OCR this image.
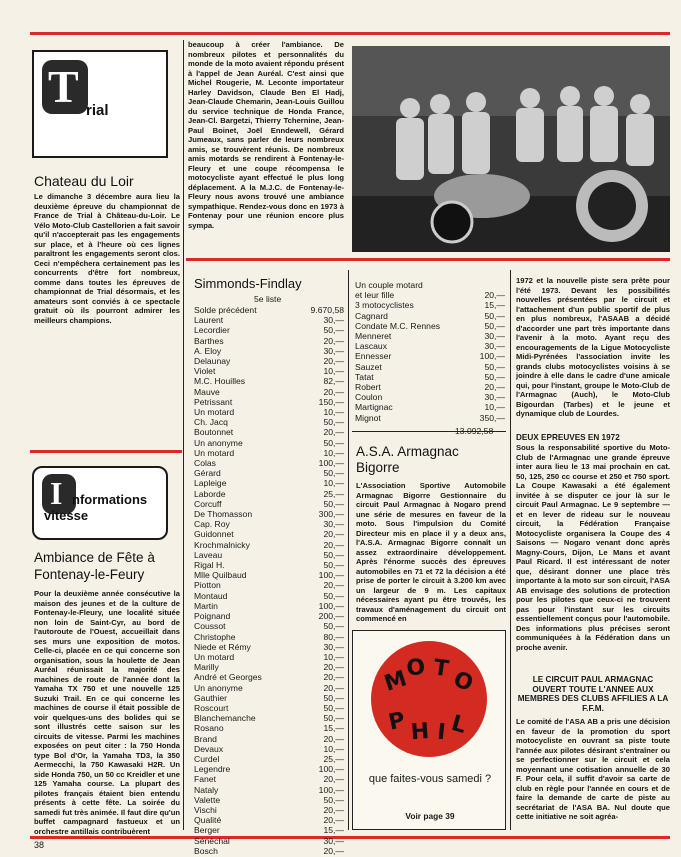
T rial
Chateau du Loir
Le dimanche 3 décembre aura lieu la deuxième épreuve du championnat de France de Trial à Château-du-Loir. Le Vélo Moto-Club Castellorien a fait savoir qu'il n'accepterait pas les engagements sur place, et à l'heure où ces lignes paraîtront les engagements seront clos. Ceci n'empêchera certainement pas les concurrents d'être fort nombreux, comme dans toutes les épreuves de championnat de Trial désormais, et les amateurs sont conviés à ce spectacle gratuit où ils pourront admirer les meilleurs champions.
I nformations
vitesse
Ambiance de Fête à
Fontenay-le-Feury
Pour la deuxième année consécutive la maison des jeunes et de la culture de Fontenay-le-Fleury, une localité située non loin de Saint-Cyr, au bord de l'autoroute de l'Ouest, accueillait dans ses murs une exposition de motos. Celle-ci, placée en ce qui concerne son organisation, sous la houlette de Jean Auréal réunissait la majorité des machines de route de l'année dont la Yamaha TX 750 et une nouvelle 125 Suzuki Trail. En ce qui concerne les machines de course il était possible de voir quelques-uns des bolides qui se sont illustrés cette saison sur les circuits de vitesse. Parmi les machines exposées on peut citer : la 750 Honda type Bol d'Or, la Yamaha TD3, la 350 Aermecchi, la 750 Kawasaki H2R. Un side Honda 750, un 50 cc Kreidler et une 125 Yamaha course. La plupart des pilotes français étaient bien entendu présents à cette fête. La soirée du samedi fut très animée. Il faut dire qu'un buffet campagnard fastueux et un orchestre antillais contribuèrent
beaucoup à créer l'ambiance. De nombreux pilotes et personnalités du monde de la moto avaient répondu présent à l'appel de Jean Auréal. C'est ainsi que Michel Rougerie, M. Leconte importateur Harley Davidson, Claude Ben El Hadj, Jean-Claude Chemarin, Jean-Louis Guillou du service technique de Honda France, Jean-Cl. Bargetzi, Thierry Tchernine, Jean-Paul Boinet, Joël Enndewell, Gérard Jumeaux, sans parler de leurs nombreux amis, se trouvèrent réunis. De nombreux amis motards se rendirent à Fontenay-le-Fleury et une coupe récompensa le motocycliste ayant effectué le plus long déplacement. A la M.J.C. de Fontenay-le-Fleury nous avons trouvé une ambiance sympathique. Rendez-vous donc en 1973 à Fontenay pour une réunion encore plus sympa.
Simmonds-Findlay
5e liste
Solde précédent	9.670,58
Laurent	30,—
Lecordier	50,—
Barthes	20,—
A. Eloy	30,—
Delaunay	20,—
Violet	10,—
M.C. Houilles	82,—
Mauve	20,—
Petrissant	150,—
Un motard	10,—
Ch. Jacq	50,—
Boutonnet	20,—
Un anonyme	50,—
Un motard	10,—
Colas	100,—
Gérard	50,—
Lapleige	10,—
Laborde	25,—
Corcuff	50,—
De Thomasson	300,—
Cap. Roy	30,—
Guidonnet	20,—
Krochmalnicky	20,—
Laveau	50,—
Rigal H.	50,—
Mlle Quilbaud	100,—
Piotton	20,—
Montaud	50,—
Martin	100,—
Poignand	200,—
Coussot	50,—
Christophe	80,—
Niede et Rémy	30,—
Un motard	10,—
Marilly	20,—
André et Georges	20,—
Un anonyme	20,—
Gauthier	50,—
Roscourt	50,—
Blanchemanche	50,—
Rosano	15,—
Brand	20,—
Devaux	10,—
Curdel	25,—
Legendre	100,—
Fanet	20,—
Nataly	100,—
Valette	50,—
Vischi	20,—
Qualité	20,—
Berger	15,—
Sénéchal	30,—
Bosch	20,—
Un couple motard
et leur fille	20,—
3 motocyclistes	15,—
Cagnard	50,—
Condate M.C. Rennes	50,—
Menneret	30,—
Lascaux	30,—
Ennesser	100,—
Sauzet	50,—
Tatat	50,—
Robert	20,—
Coulon	30,—
Martignac	10,—
Mignot	350,—
13.092,58
A.S.A. Armagnac
Bigorre
L'Association Sportive Automobile Armagnac Bigorre Gestionnaire du circuit Paul Armagnac à Nogaro prend une série de mesures en faveur de la moto. Sous l'impulsion du Comité Directeur mis en place il y a deux ans, l'A.S.A. Armagnac Bigorre connaît un assez extraordinaire développement. Après l'énorme succès des épreuves automobiles en 71 et 72 la décision a été prise de porter le circuit à 3.200 km avec un largeur de 9 m. Les capitaux nécessaires ayant pu être trouvés, les travaux d'aménagement du circuit ont commencé en
M
O T O
P H I L
que faites-vous samedi ?
Voir page 39
1972 et la nouvelle piste sera prête pour l'été 1973. Devant les possibilités nouvelles présentées par le circuit et l'attachement d'un public sportif de plus en plus nombreux, l'ASAAB a décidé d'accorder une part très importante dans l'avenir à la moto. Ayant reçu des encouragements de la Ligue Motocycliste Midi-Pyrénées l'association invite les grands clubs motocyclistes voisins à se joindre à elle dans le cadre d'une amicale qui, pour l'instant, groupe le Moto-Club de l'Armagnac (Auch), le Moto-Club Bigourdan (Tarbes) et le jeune et dynamique club de Lourdes.
DEUX EPREUVES EN 1972
Sous la responsabilité sportive du Moto-Club de l'Armagnac une grande épreuve inter aura lieu le 13 mai prochain en cat. 50, 125, 250 cc course et 250 et 750 sport. La Coupe Kawasaki a été également invitée à se disputer ce jour là sur le circuit Paul Armagnac. Le 9 septembre — et en lever de rideau sur le nouveau circuit, la Fédération Française Motocycliste organisera la Coupe des 4 Saisons — Nogaro venant donc après Magny-Cours, Dijon, Le Mans et avant Paul Ricard. Il est intéressant de noter que, désirant donner une place très importante à la moto sur son circuit, l'ASA AB envisage des solutions de protection pour les pilotes que ceux-ci ne trouvent pas pour l'instant sur les circuits essentiellement conçus pour l'automobile. Des informations plus précises seront communiquées à la Fédération dans un proche avenir.
LE CIRCUIT PAUL ARMAGNAC OUVERT TOUTE L'ANNEE AUX MEMBRES DES CLUBS AFFILIES A LA F.F.M.
Le comité de l'ASA AB a pris une décision en faveur de la promotion du sport motocycliste en ouvrant sa piste toute l'année aux pilotes désirant s'entraîner ou se perfectionner sur le circuit et cela moyennant une cotisation annuelle de 30 F. Pour cela, il suffit d'avoir sa carte de club en règle pour l'année en cours et de faire la demande de carte de piste au secrétariat de l'ASA BA. Nul doute que cette initiative ne soit agréa-
38
